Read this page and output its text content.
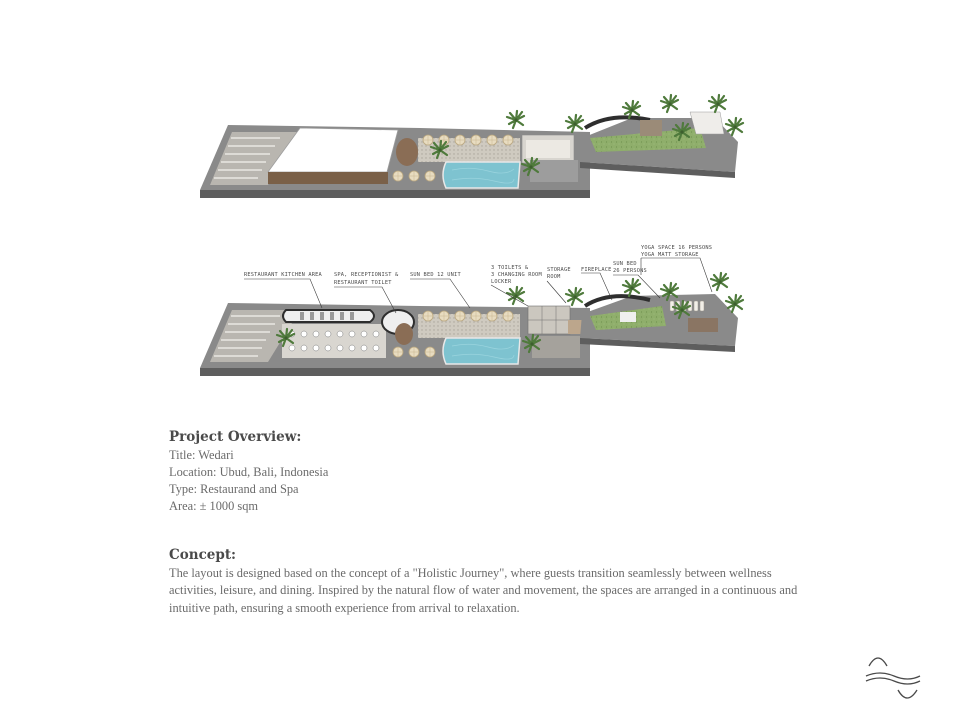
RESTAURANT KITCHEN AREA SPA, RECEPTIONIST &
RESTAURANT TOILET
SUN BED 12 UNIT
3 TOILETS &
3 CHANGING ROOM
LOCKER
STORAGE
ROOM
FIREPLACE
SUN BED
26 PERSONS
YOGA SPACE 16 PERSONS
YOGA MATT STORAGE
Project Overview:
Title: Wedari
Location: Ubud, Bali, Indonesia
Type: Restaurand and Spa
Area: ± 1000 sqm
Concept:
The layout is designed based on the concept of a "Holistic Journey", where guests transition seamlessly between wellness
activities, leisure, and dining. Inspired by the natural flow of water and movement, the spaces are arranged in a continuous and
intuitive path, ensuring a smooth experience from arrival to relaxation.
